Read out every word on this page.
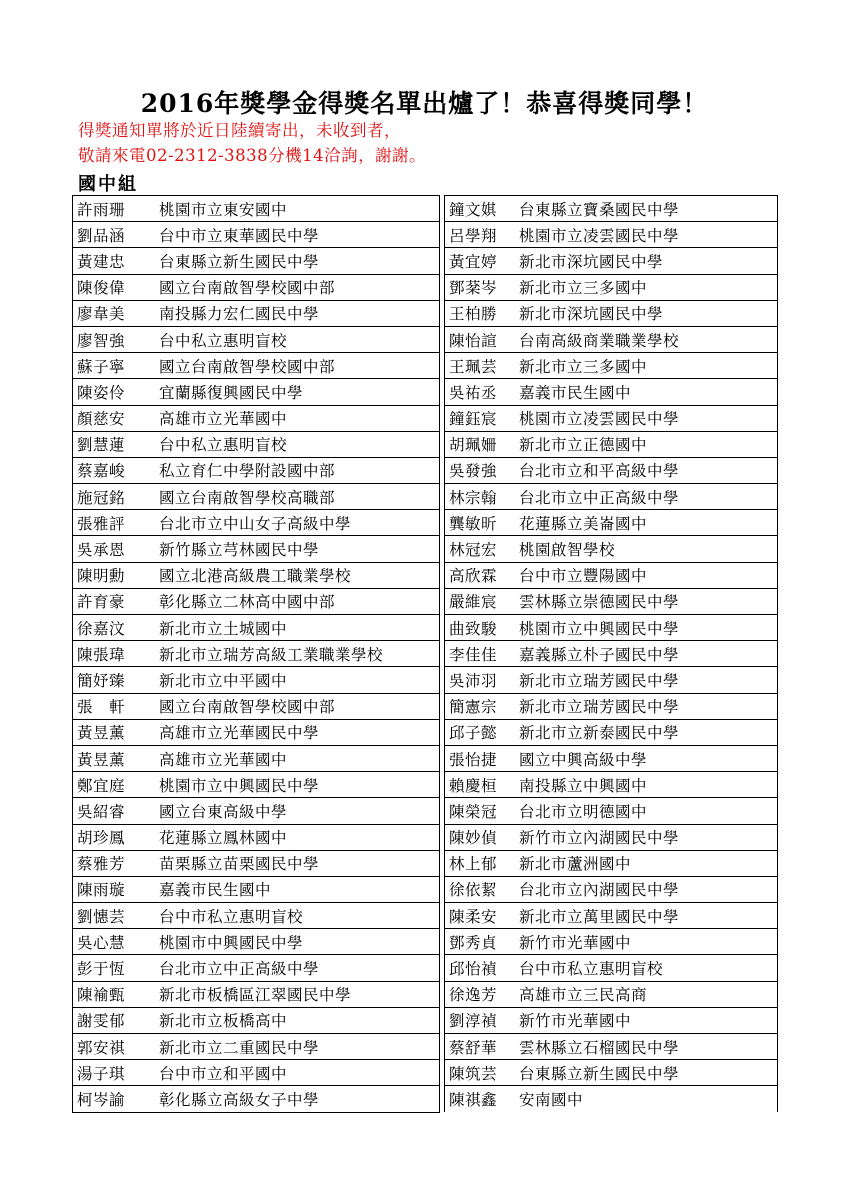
2016年獎學金得獎名單出爐了！恭喜得獎同學！
得獎通知單將於近日陸續寄出，未收到者，
敬請來電02-2312-3838分機14洽詢，謝謝。
國中組
許雨珊 桃園市立東安國中
劉品涵 台中市立東華國民中學
黃建忠 台東縣立新生國民中學
陳俊偉 國立台南啟智學校國中部
廖韋美 南投縣力宏仁國民中學
廖智強 台中私立惠明盲校
蘇子寧 國立台南啟智學校國中部
陳姿伶 宜蘭縣復興國民中學
顏慈安 高雄市立光華國中
劉慧蓮 台中私立惠明盲校
蔡嘉峻 私立育仁中學附設國中部
施冠銘 國立台南啟智學校高職部
張雅評 台北市立中山女子高級中學
吳承恩 新竹縣立芎林國民中學
陳明勳 國立北港高級農工職業學校
許育豪 彰化縣立二林高中國中部
徐嘉汶 新北市立土城國中
陳張瑋 新北市立瑞芳高級工業職業學校
簡妤臻 新北市立中平國中
張　軒 國立台南啟智學校國中部
黃昱薰 高雄市立光華國民中學
黃昱薰 高雄市立光華國中
鄭宜庭 桃園市立中興國民中學
吳紹睿 國立台東高級中學
胡珍鳳 花蓮縣立鳳林國中
蔡雅芳 苗栗縣立苗栗國民中學
陳雨璇 嘉義市民生國中
劉憓芸 台中市私立惠明盲校
吳心慧 桃園市中興國民中學
彭于恆 台北市立中正高級中學
陳褕甄 新北市板橋區江翠國民中學
謝雯郁 新北市立板橋高中
郭安祺 新北市立二重國民中學
湯子琪 台中市立和平國中
柯岑諭 彰化縣立高級女子中學
鐘文娸 台東縣立寶桑國民中學
呂學翔 桃園市立凌雲國民中學
黃宜婷 新北市深坑國民中學
鄧棻岑 新北市立三多國中
王柏勝 新北市深坑國民中學
陳怡諠 台南高級商業職業學校
王珮芸 新北市立三多國中
吳祐丞 嘉義市民生國中
鐘鈺宸 桃園市立凌雲國民中學
胡珮姍 新北市立正德國中
吳發強 台北市立和平高級中學
林宗翰 台北市立中正高級中學
龔敏昕 花蓮縣立美崙國中
林冠宏 桃園啟智學校
高欣霖 台中市立豐陽國中
嚴維宸 雲林縣立崇德國民中學
曲致駿 桃園市立中興國民中學
李佳佳 嘉義縣立朴子國民中學
吳沛羽 新北市立瑞芳國民中學
簡憲宗 新北市立瑞芳國民中學
邱子懿 新北市立新泰國民中學
張怡捷 國立中興高級中學
賴慶桓 南投縣立中興國中
陳榮冠 台北市立明德國中
陳妙偵 新竹市立內湖國民中學
林上郁 新北市蘆洲國中
徐依絜 台北市立內湖國民中學
陳柔安 新北市立萬里國民中學
鄧秀貞 新竹市光華國中
邱怡禎 台中市私立惠明盲校
徐逸芳 高雄市立三民高商
劉淳禎 新竹市光華國中
蔡舒華 雲林縣立石榴國民中學
陳筑芸 台東縣立新生國民中學
陳祺鑫 安南國中
